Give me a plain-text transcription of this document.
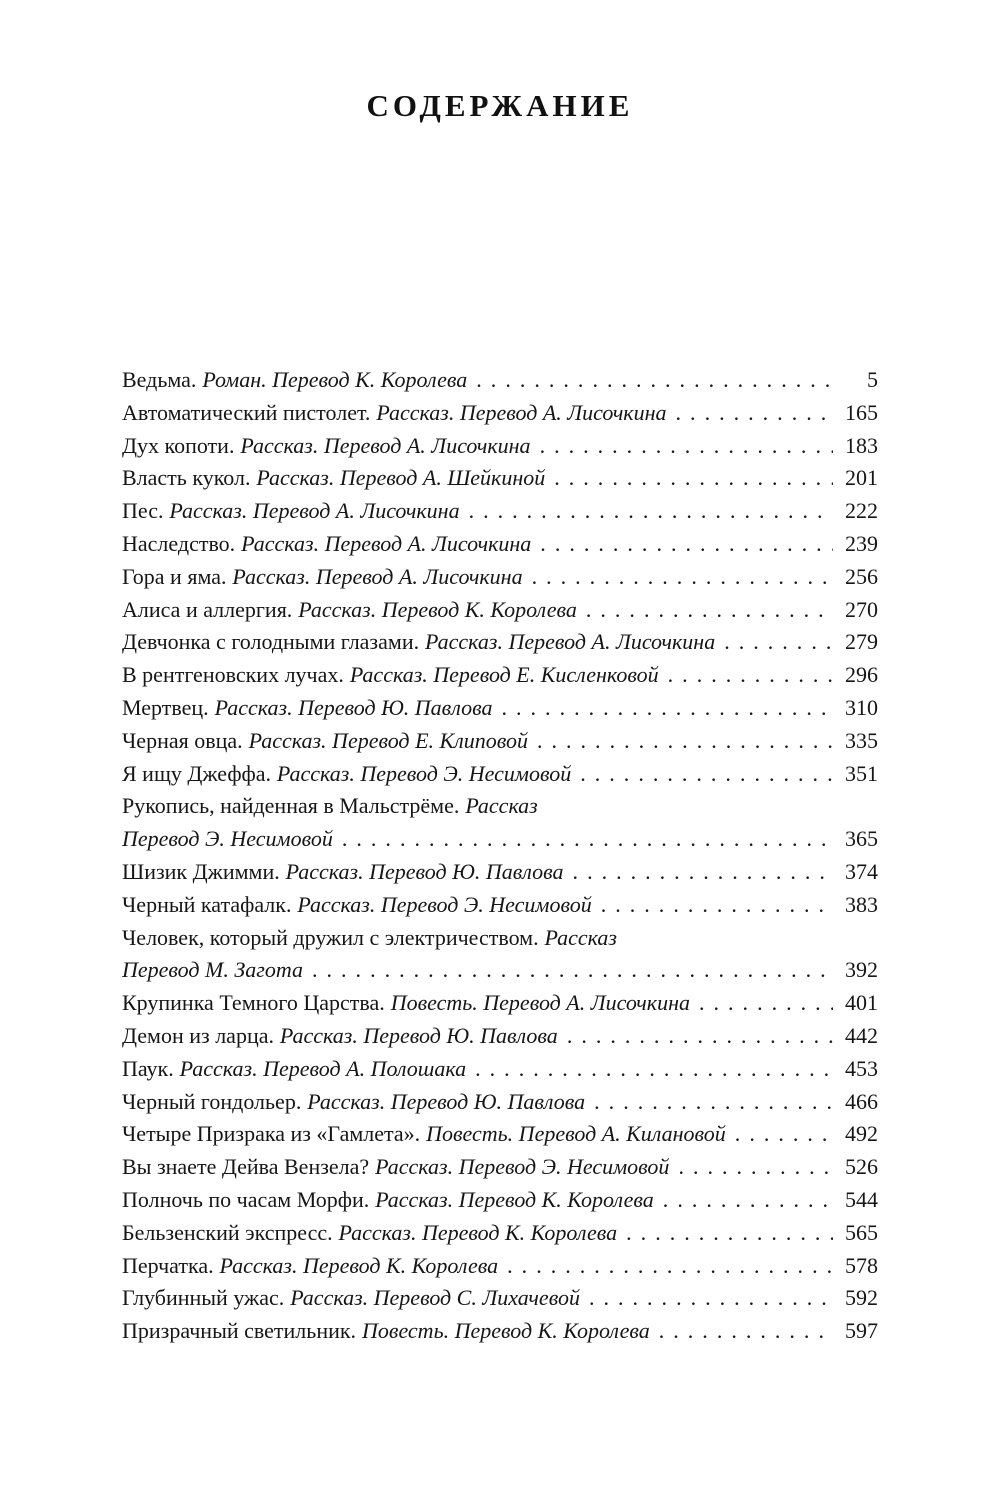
СОДЕРЖАНИЕ
Ведьма. Роман. Перевод К. Королева . . .	5
Автоматический пистолет. Рассказ. Перевод А. Лисочкина . . .	165
Дух копоти. Рассказ. Перевод А. Лисочкина . . .	183
Власть кукол. Рассказ. Перевод А. Шейкиной . . .	201
Пес. Рассказ. Перевод А. Лисочкина . . .	222
Наследство. Рассказ. Перевод А. Лисочкина . . .	239
Гора и яма. Рассказ. Перевод А. Лисочкина . . .	256
Алиса и аллергия. Рассказ. Перевод К. Королева . . .	270
Девчонка с голодными глазами. Рассказ. Перевод А. Лисочкина . . .	279
В рентгеновских лучах. Рассказ. Перевод Е. Кисленковой . . .	296
Мертвец. Рассказ. Перевод Ю. Павлова . . .	310
Черная овца. Рассказ. Перевод Е. Клиповой . . .	335
Я ищу Джеффа. Рассказ. Перевод Э. Несимовой . . .	351
Рукопись, найденная в Мальстрёме. Рассказ
Перевод Э. Несимовой . . .	365
Шизик Джимми. Рассказ. Перевод Ю. Павлова . . .	374
Черный катафалк. Рассказ. Перевод Э. Несимовой . . .	383
Человек, который дружил с электричеством. Рассказ
Перевод М. Загота . . .	392
Крупинка Темного Царства. Повесть. Перевод А. Лисочкина . . .	401
Демон из ларца. Рассказ. Перевод Ю. Павлова . . .	442
Паук. Рассказ. Перевод А. Полошака . . .	453
Черный гондольер. Рассказ. Перевод Ю. Павлова . . .	466
Четыре Призрака из «Гамлета». Повесть. Перевод А. Килановой . . .	492
Вы знаете Дейва Вензела? Рассказ. Перевод Э. Несимовой . . .	526
Полночь по часам Морфи. Рассказ. Перевод К. Королева . . .	544
Бельзенский экспресс. Рассказ. Перевод К. Королева . . .	565
Перчатка. Рассказ. Перевод К. Королева . . .	578
Глубинный ужас. Рассказ. Перевод С. Лихачевой . . .	592
Призрачный светильник. Повесть. Перевод К. Королева . . .	597
